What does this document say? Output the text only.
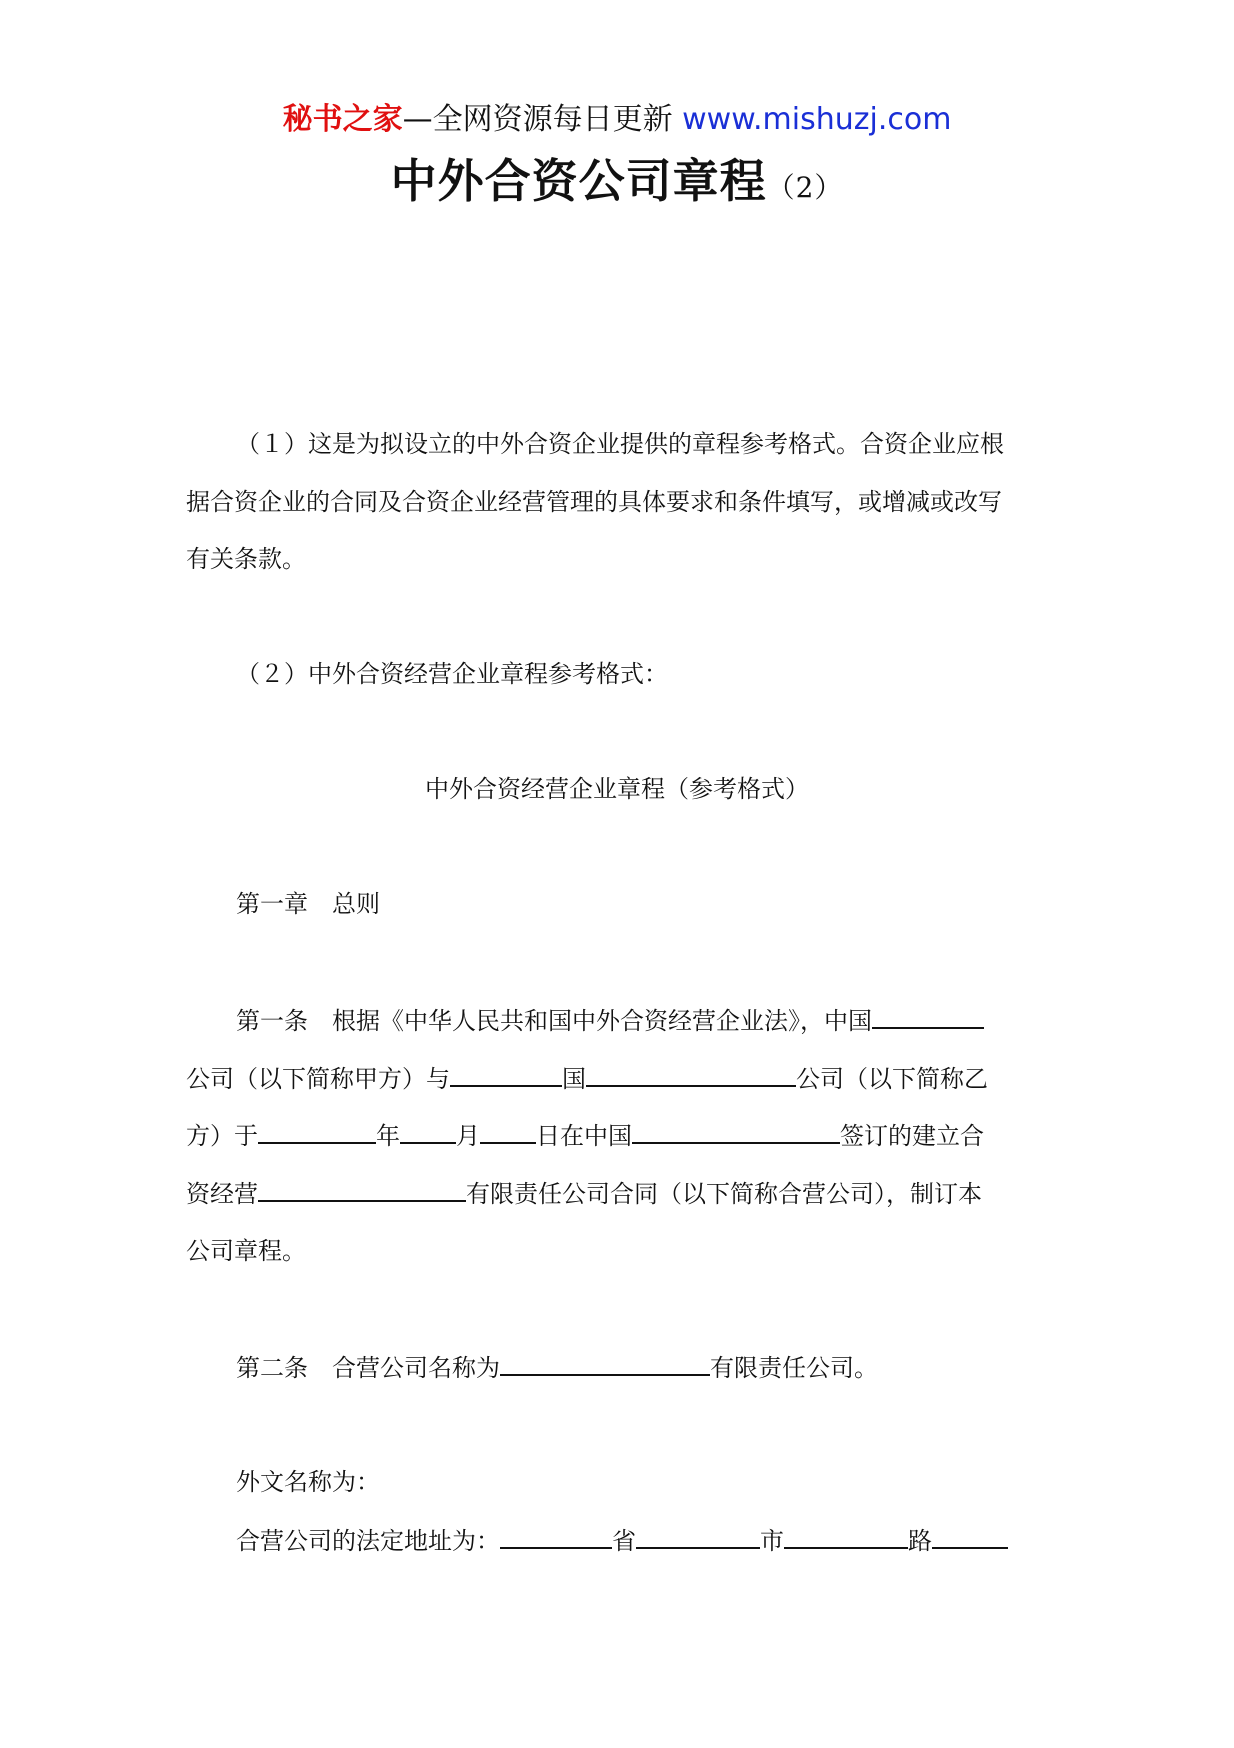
秘书之家—全网资源每日更新 www.mishuzj.com
中外合资公司章程（2）
（１）这是为拟设立的中外合资企业提供的章程参考格式。合资企业应根
据合资企业的合同及合资企业经营管理的具体要求和条件填写，或增减或改写
有关条款。
（２）中外合资经营企业章程参考格式：
中外合资经营企业章程（参考格式）
第一章　总则
第一条　根据《中华人民共和国中外合资经营企业法》，中国
公司（以下简称甲方）与	国	公司（以下简称乙
方）于	年 月 日在中国	签订的建立合
资经营	有限责任公司合同（以下简称合营公司），制订本
公司章程。
第二条　合营公司名称为	有限责任公司。
外文名称为：
合营公司的法定地址为：	省	市	路
